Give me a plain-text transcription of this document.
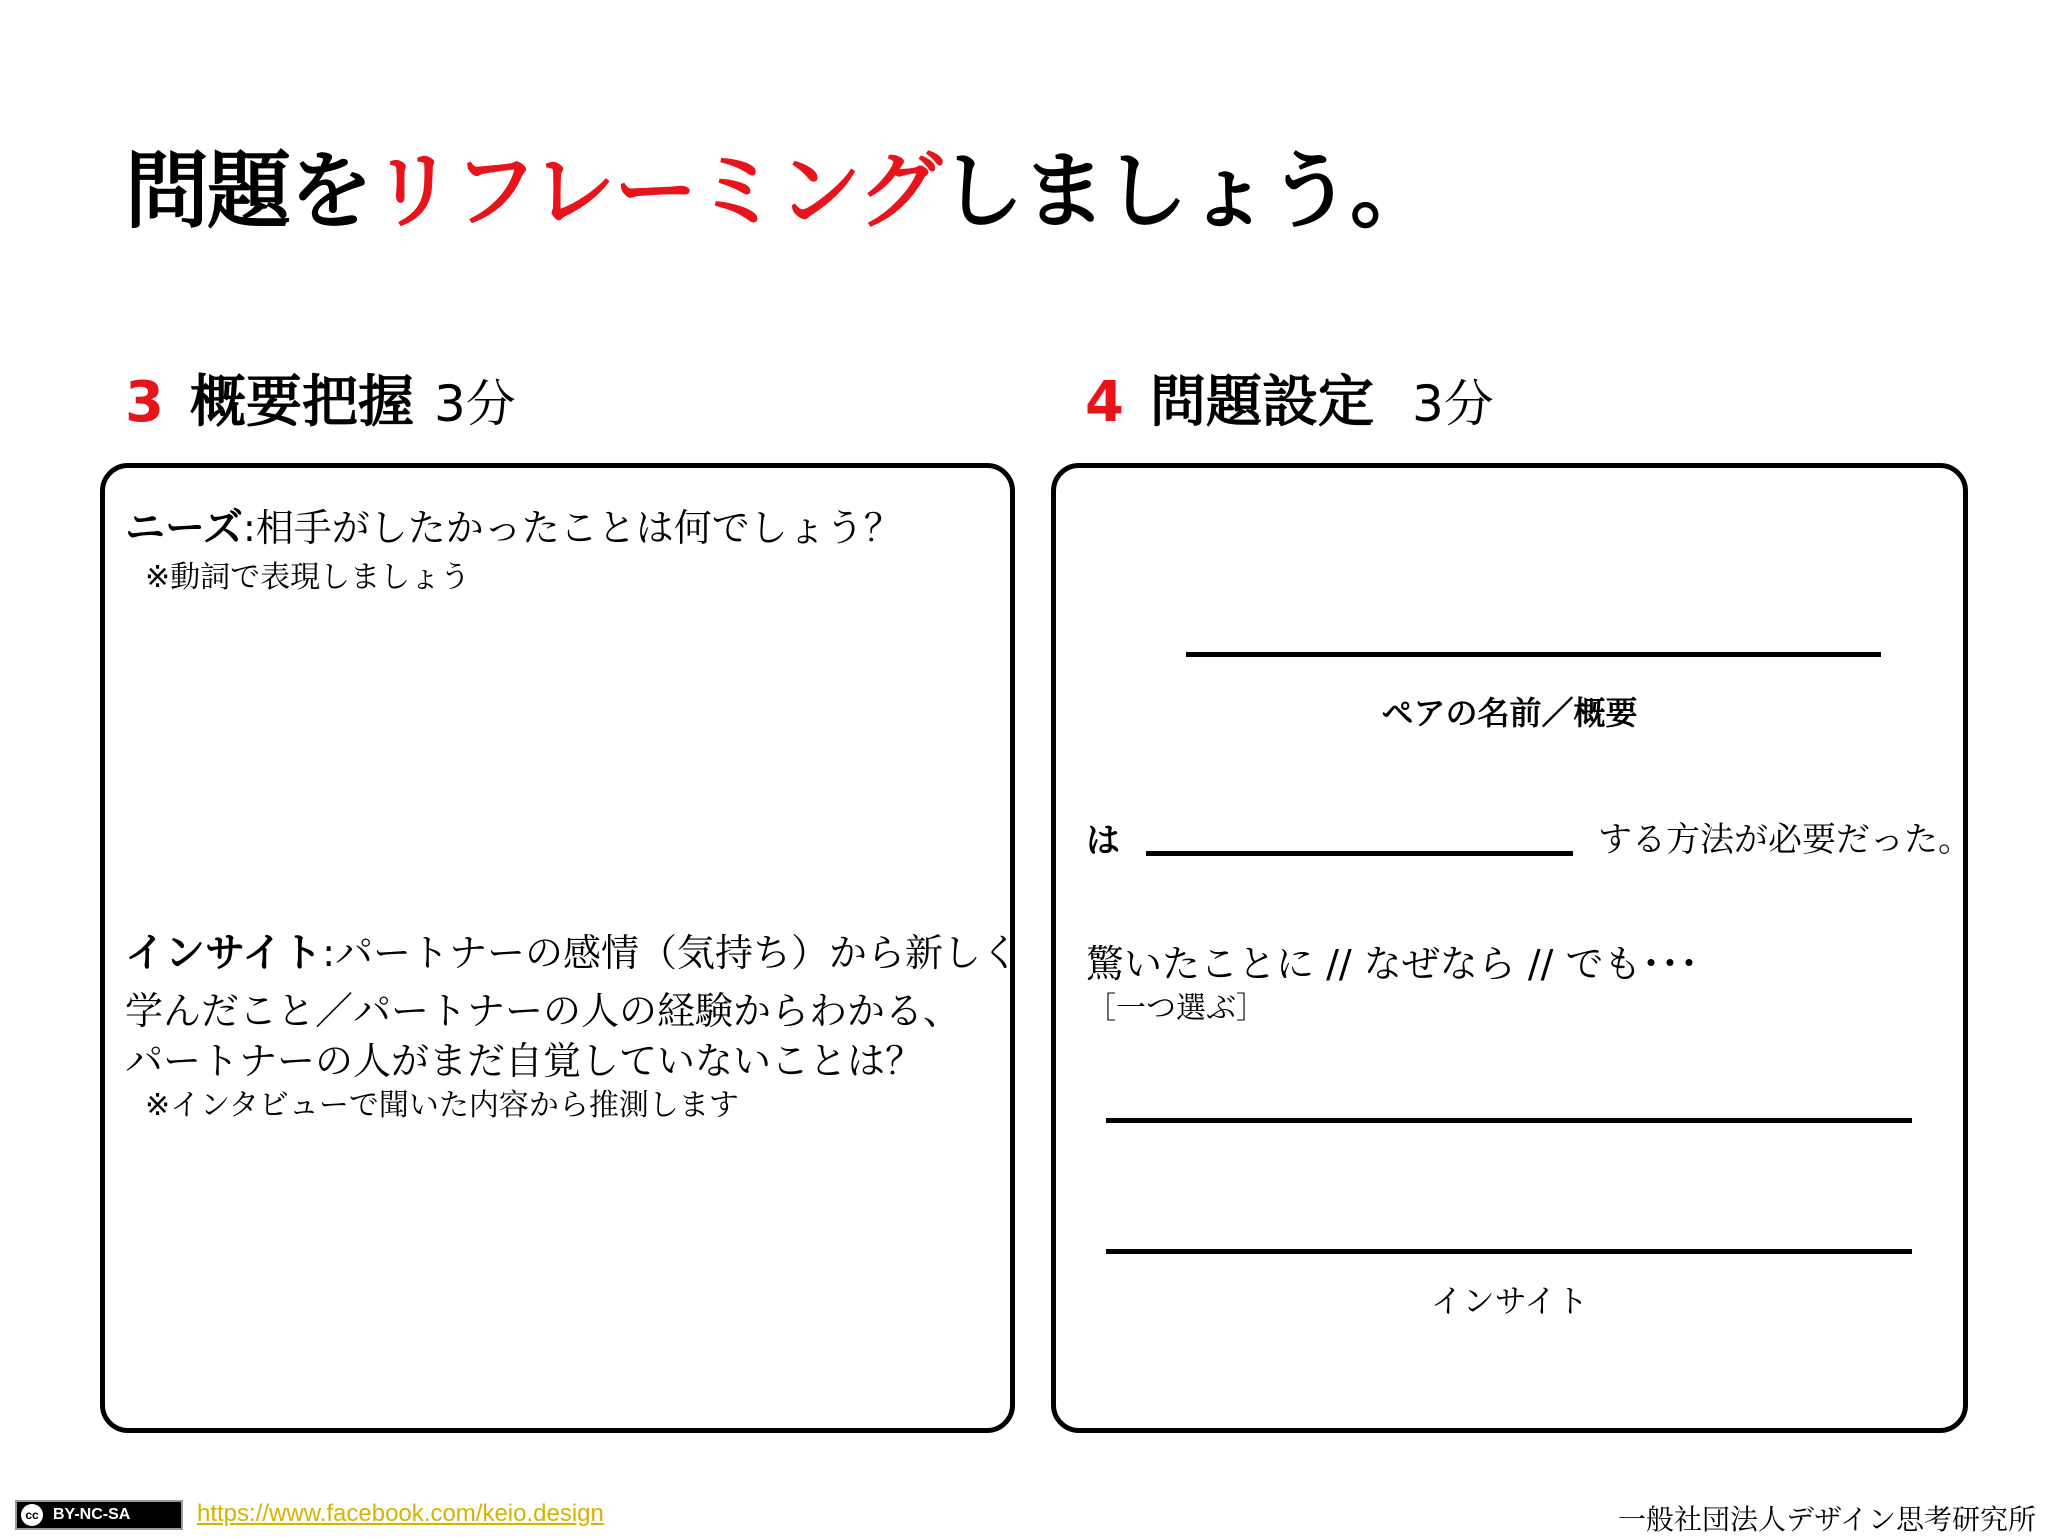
問題をリフレーミングしましょう。
3 概要把握 3分	4 問題設定 3分
ニーズ:相手がしたかったことは何でしょう？
※動詞で表現しましょう
インサイト:パートナーの感情（気持ち）から新しく
学んだこと／パートナーの人の経験からわかる、
パートナーの人がまだ自覚していないことは？
※インタビューで聞いた内容から推測します
ペアの名前／概要
は	する方法が必要だった。
驚いたことに // なぜなら // でも･･･
［一つ選ぶ］
インサイト
cc BY-NC-SA	https://www.facebook.com/keio.design	一般社団法人デザイン思考研究所
